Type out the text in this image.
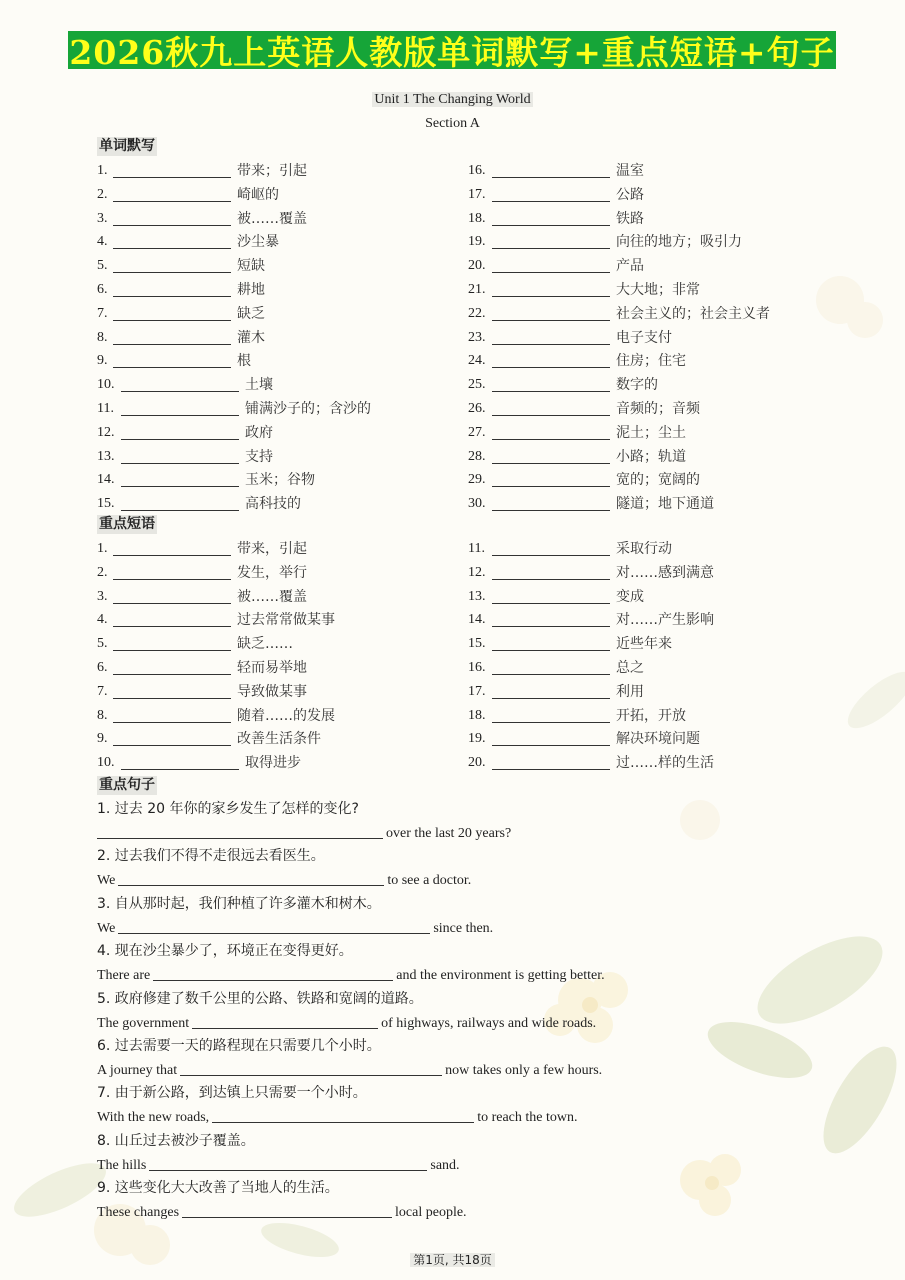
2026秋九上英语人教版单词默写+重点短语+句子
Unit 1 The Changing World
Section A
单词默写
重点短语
重点句子
1.	带来；引起
2.	崎岖的
3.	被……覆盖
4.	沙尘暴
5.	短缺
6.	耕地
7.	缺乏
8.	灌木
9.	根
10.	土壤
11.	铺满沙子的；含沙的
12.	政府
13.	支持
14.	玉米；谷物
15.	高科技的
16.	温室
17.	公路
18.	铁路
19.	向往的地方；吸引力
20.	产品
21.	大大地；非常
22.	社会主义的；社会主义者
23.	电子支付
24.	住房；住宅
25.	数字的
26.	音频的；音频
27.	泥土；尘土
28.	小路；轨道
29.	宽的；宽阔的
30.	隧道；地下通道
1.	带来，引起
2.	发生，举行
3.	被……覆盖
4.	过去常常做某事
5.	缺乏……
6.	轻而易举地
7.	导致做某事
8.	随着……的发展
9.	改善生活条件
10.	取得进步
11.	采取行动
12.	对……感到满意
13.	变成
14.	对……产生影响
15.	近些年来
16.	总之
17.	利用
18.	开拓，开放
19.	解决环境问题
20.	过……样的生活
1. 过去 20 年你的家乡发生了怎样的变化?
over the last 20 years?
2. 过去我们不得不走很远去看医生。
We	to see a doctor.
3. 自从那时起，我们种植了许多灌木和树木。
We	since then.
4. 现在沙尘暴少了，环境正在变得更好。
There are	and the environment is getting better.
5. 政府修建了数千公里的公路、铁路和宽阔的道路。
The government	of highways, railways and wide roads.
6. 过去需要一天的路程现在只需要几个小时。
A journey that	now takes only a few hours.
7. 由于新公路，到达镇上只需要一个小时。
With the new roads,	to reach the town.
8. 山丘过去被沙子覆盖。
The hills	sand.
9. 这些变化大大改善了当地人的生活。
These changes	local people.
第1页, 共18页
